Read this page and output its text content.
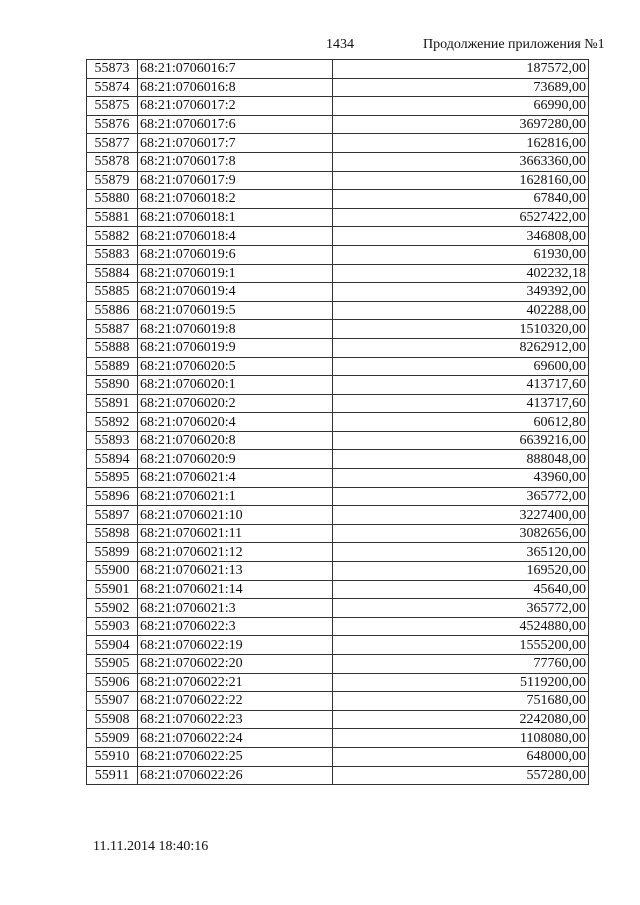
1434	Продолжение приложения №1
55873	68:21:0706016:7	187572,00
55874	68:21:0706016:8	73689,00
55875	68:21:0706017:2	66990,00
55876	68:21:0706017:6	3697280,00
55877	68:21:0706017:7	162816,00
55878	68:21:0706017:8	3663360,00
55879	68:21:0706017:9	1628160,00
55880	68:21:0706018:2	67840,00
55881	68:21:0706018:1	6527422,00
55882	68:21:0706018:4	346808,00
55883	68:21:0706019:6	61930,00
55884	68:21:0706019:1	402232,18
55885	68:21:0706019:4	349392,00
55886	68:21:0706019:5	402288,00
55887	68:21:0706019:8	1510320,00
55888	68:21:0706019:9	8262912,00
55889	68:21:0706020:5	69600,00
55890	68:21:0706020:1	413717,60
55891	68:21:0706020:2	413717,60
55892	68:21:0706020:4	60612,80
55893	68:21:0706020:8	6639216,00
55894	68:21:0706020:9	888048,00
55895	68:21:0706021:4	43960,00
55896	68:21:0706021:1	365772,00
55897	68:21:0706021:10	3227400,00
55898	68:21:0706021:11	3082656,00
55899	68:21:0706021:12	365120,00
55900	68:21:0706021:13	169520,00
55901	68:21:0706021:14	45640,00
55902	68:21:0706021:3	365772,00
55903	68:21:0706022:3	4524880,00
55904	68:21:0706022:19	1555200,00
55905	68:21:0706022:20	77760,00
55906	68:21:0706022:21	5119200,00
55907	68:21:0706022:22	751680,00
55908	68:21:0706022:23	2242080,00
55909	68:21:0706022:24	1108080,00
55910	68:21:0706022:25	648000,00
55911	68:21:0706022:26	557280,00
11.11.2014 18:40:16
